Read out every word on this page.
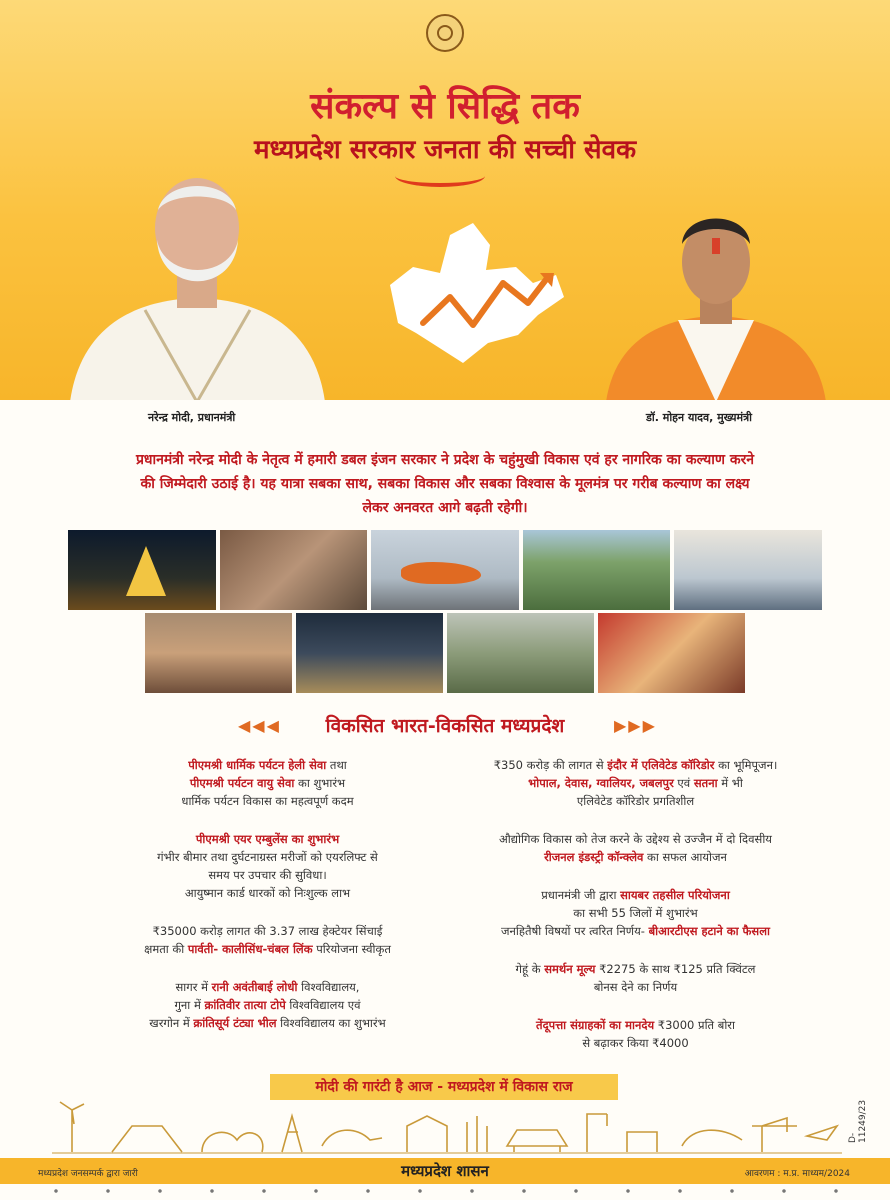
संकल्प से सिद्धि तक
मध्यप्रदेश सरकार जनता की सच्ची सेवक
नरेन्द्र मोदी, प्रधानमंत्री	डॉ. मोहन यादव, मुख्यमंत्री
प्रधानमंत्री नरेन्द्र मोदी के नेतृत्व में हमारी डबल इंजन सरकार ने प्रदेश के चहुंमुखी विकास एवं हर नागरिक का कल्याण करने की जिम्मेदारी उठाई है। यह यात्रा सबका साथ, सबका विकास और सबका विश्वास के मूलमंत्र पर गरीब कल्याण का लक्ष्य लेकर अनवरत आगे बढ़ती रहेगी।
◀◀◀	विकसित भारत-विकसित मध्यप्रदेश	▶▶▶
पीएमश्री धार्मिक पर्यटन हेली सेवा तथा
पीएमश्री पर्यटन वायु सेवा का शुभारंभ
धार्मिक पर्यटन विकास का महत्वपूर्ण कदम
पीएमश्री एयर एम्बुलेंस का शुभारंभ
गंभीर बीमार तथा दुर्घटनाग्रस्त मरीजों को एयरलिफ्ट से
समय पर उपचार की सुविधा।
आयुष्मान कार्ड धारकों को निःशुल्क लाभ
₹35000 करोड़ लागत की 3.37 लाख हेक्टेयर सिंचाई
क्षमता की पार्वती- कालीसिंध-चंबल लिंक परियोजना स्वीकृत
सागर में रानी अवंतीबाई लोधी विश्वविद्यालय,
गुना में क्रांतिवीर तात्या टोपे विश्वविद्यालय एवं
खरगोन में क्रांतिसूर्य टंट्या भील विश्वविद्यालय का शुभारंभ
₹350 करोड़ की लागत से इंदौर में एलिवेटेड कॉरिडोर का भूमिपूजन।
भोपाल, देवास, ग्वालियर, जबलपुर एवं सतना में भी
एलिवेटेड कॉरिडोर प्रगतिशील
औद्योगिक विकास को तेज करने के उद्देश्य से उज्जैन में दो दिवसीय
रीजनल इंडस्ट्री कॉन्क्लेव का सफल आयोजन
प्रधानमंत्री जी द्वारा सायबर तहसील परियोजना
का सभी 55 जिलों में शुभारंभ
जनहितैषी विषयों पर त्वरित निर्णय- बीआरटीएस हटाने का फैसला
गेहूं के समर्थन मूल्य ₹2275 के साथ ₹125 प्रति क्विंटल
बोनस देने का निर्णय
तेंदूपत्ता संग्राहकों का मानदेय ₹3000 प्रति बोरा
से बढ़ाकर किया ₹4000
मोदी की गारंटी है आज - मध्यप्रदेश में विकास राज
D-11249/23
मध्यप्रदेश जनसम्पर्क द्वारा जारी	मध्यप्रदेश शासन	आवरणम : म.प्र. माध्यम/2024
